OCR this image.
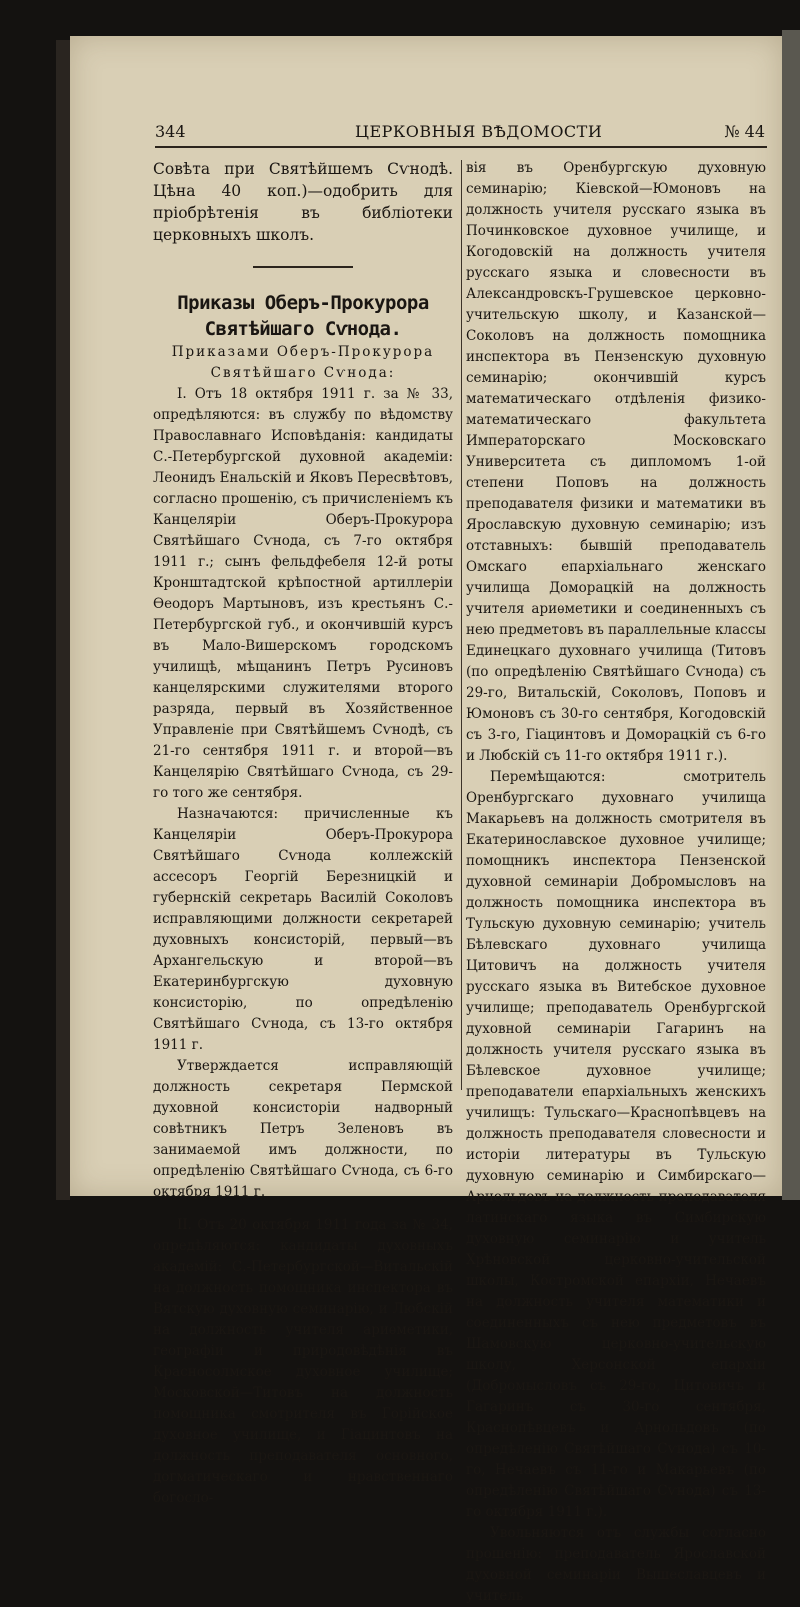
344	ЦЕРКОВНЫЯ ВѢДОМОСТИ	№ 44

Совѣта при Святѣйшемъ Сѵнодѣ. Цѣна 40 коп.)—одобрить для пріобрѣтенія въ библіотеки церковныхъ школъ.

Приказы Оберъ-Прокурора Святѣйшаго Сѵнода.

Приказами Оберъ-Прокурора Святѣйшаго Сѵнода:

I. Отъ 18 октября 1911 г. за № 33, опредѣляются: въ службу по вѣдомству Православнаго Исповѣданія: кандидаты С.-Петербургской духовной академіи: Леонидъ Енальскій и Яковъ Пересвѣтовъ, согласно прошенію, съ причисленіемъ къ Канцеляріи Оберъ-Прокурора Святѣйшаго Сѵнода, съ 7-го октября 1911 г.; сынъ фельдфебеля 12-й роты Кронштадтской крѣпостной артиллеріи Ѳеодоръ Мартыновъ, изъ крестьянъ С.-Петербургской губ., и окончившій курсъ въ Мало-Вишерскомъ городскомъ училищѣ, мѣщанинъ Петръ Русиновъ канцелярскими служителями второго разряда, первый въ Хозяйственное Управленіе при Святѣйшемъ Сѵнодѣ, съ 21-го сентября 1911 г. и второй—въ Канцелярію Святѣйшаго Сѵнода, съ 29-го того же сентября.

Назначаются: причисленные къ Канцеляріи Оберъ-Прокурора Святѣйшаго Сѵнода коллежскій ассесоръ Георгій Березницкій и губернскій секретарь Василій Соколовъ исправляющими должности секретарей духовныхъ консисторій, первый—въ Архангельскую и второй—въ Екатеринбургскую духовную консисторію, по опредѣленію Святѣйшаго Сѵнода, съ 13-го октября 1911 г.

Утверждается исправляющій должность секретаря Пермской духовной консисторіи надворный совѣтникъ Петръ Зеленовъ въ занимаемой имъ должности, по опредѣленію Святѣйшаго Сѵнода, съ 6-го октября 1911 г.

II. Отъ 20 октября 1911 года за № 34, опредѣляются: кандидаты духовныхъ академій: С.-Петербургской—Витальскій на должность помощника инспектора въ Вятскую духовную семинарію, и Любскій на должность учителя ариѳметики, географіи и природовѣдѣнія въ Красносолмское духовное училище; Московской—Титовъ на должность помощника смотрителя въ Горійское духовное училище, и Гіацинтовъ на должность преподавателя основного, догматическаго и нравственнаго богосло-

вія въ Оренбургскую духовную семинарію; Кіевской—Юмоновъ на должность учителя русскаго языка въ Починковское духовное училище, и Когодовскій на должность учителя русскаго языка и словесности въ Александровскъ-Грушевское церковно-учительскую школу, и Казанской—Соколовъ на должность помощника инспектора въ Пензенскую духовную семинарію; окончившій курсъ математическаго отдѣленія физико-математическаго факультета Императорскаго Московскаго Университета съ дипломомъ 1-ой степени Поповъ на должность преподавателя физики и математики въ Ярославскую духовную семинарію; изъ отставныхъ: бывшій преподаватель Омскаго епархіальнаго женскаго училища Доморацкій на должность учителя ариѳметики и соединенныхъ съ нею предметовъ въ параллельные классы Единецкаго духовнаго училища (Титовъ (по опредѣленію Святѣйшаго Сѵнода) съ 29-го, Витальскій, Соколовъ, Поповъ и Юмоновъ съ 30-го сентября, Когодовскій съ 3-го, Гіацинтовъ и Доморацкій съ 6-го и Любскій съ 11-го октября 1911 г.).

Перемѣщаются: смотритель Оренбургскаго духовнаго училища Макарьевъ на должность смотрителя въ Екатеринославское духовное училище; помощникъ инспектора Пензенской духовной семинаріи Добромысловъ на должность помощника инспектора въ Тульскую духовную семинарію; учитель Бѣлевскаго духовнаго училища Цитовичъ на должность учителя русскаго языка въ Витебское духовное училище; преподаватель Оренбургской духовной семинаріи Гагаринъ на должность учителя русскаго языка въ Бѣлевское духовное училище; преподаватели епархіальныхъ женскихъ училищъ: Тульскаго—Краснопѣвцевъ на должность преподавателя словесности и исторіи литературы въ Тульскую духовную семинарію и Симбирскаго—Арнольдовъ на должность преподавателя латинскаго языка въ Симбирскую духовную семинарію и учитель Хрѣновской церковно-учительской школы, Костромской епархіи, Нечаевъ на должность учителя математики и соединенныхъ съ нею предметовъ въ Шамовскую церковно-учительскую школу, Херсонской епархіи (Добромысловъ съ 29-го, Цитовичъ и Гагаринъ съ 30-го сентября, Краснопѣвцевъ и Арнольдовъ (по опредѣленію Святѣйшаго Сѵнода) съ 10-го, Нечаевъ съ 11-го и Макарьевъ (по опредѣленію Святѣйшаго Сѵнода) съ 13-го октября 1911 г.).

Увольняются отъ службы согласно прошенію: преподаватель Ярославской духовной семинаріи Вышеславцевъ и учитель
